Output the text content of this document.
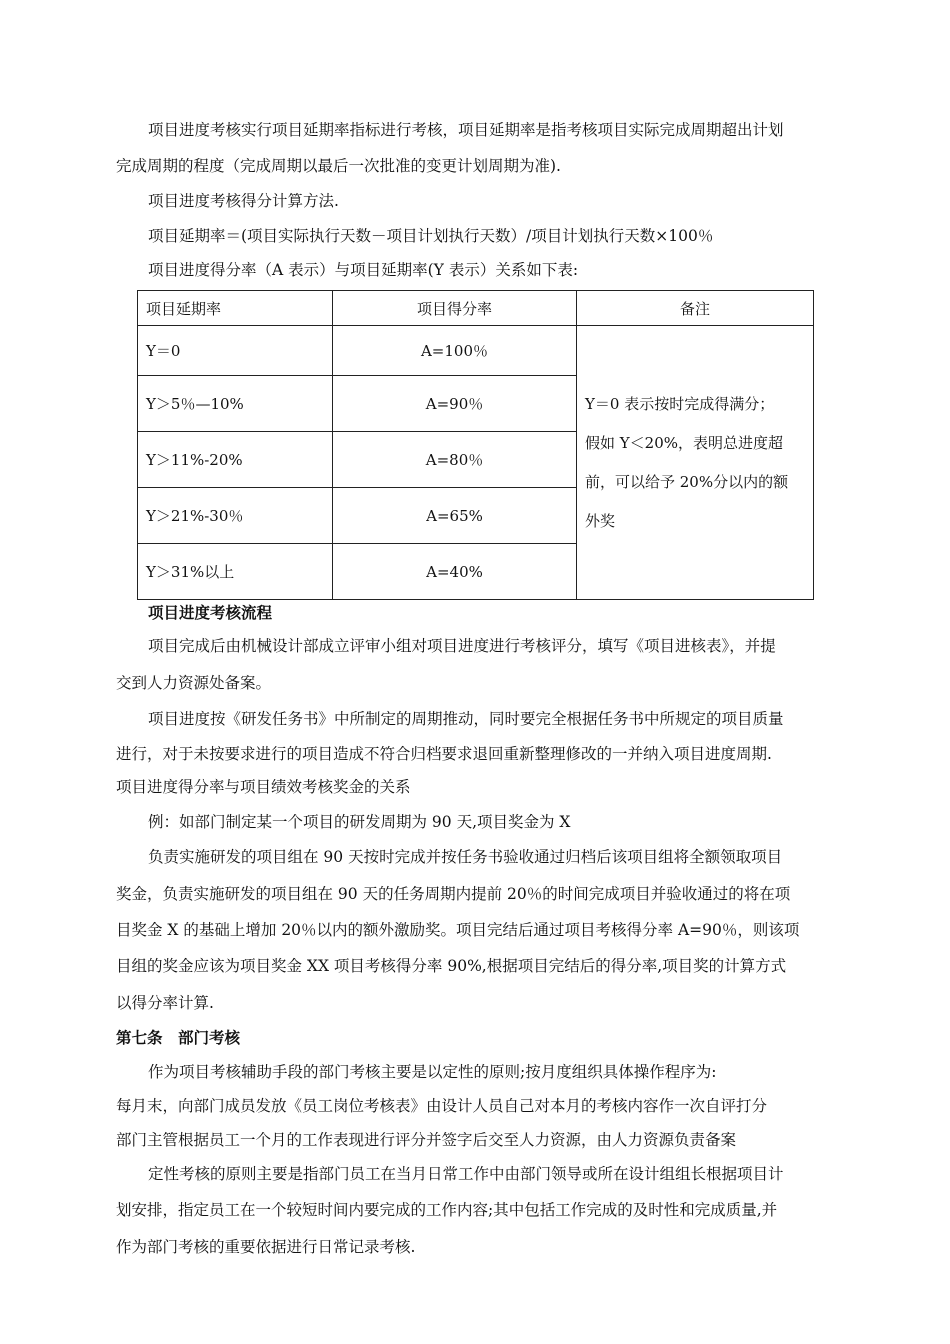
项目进度考核实行项目延期率指标进行考核，项目延期率是指考核项目实际完成周期超出计划
完成周期的程度（完成周期以最后一次批准的变更计划周期为准).
项目进度考核得分计算方法.
项目延期率＝(项目实际执行天数－项目计划执行天数）/项目计划执行天数×100％
项目进度得分率（A 表示）与项目延期率(Y 表示）关系如下表:
项目延期率	项目得分率	备注
Y＝0	A=100％	Y＝0 表示按时完成得满分；
假如 Y＜20%，表明总进度超
前，可以给予 20%分以内的额
外奖

Y＞5％—10%	A=90％	
Y＞11%-20%	A=80％	
Y＞21%-30％	A=65%	
Y＞31%以上	A=40%	
项目进度考核流程
项目完成后由机械设计部成立评审小组对项目进度进行考核评分，填写《项目进核表》，并提
交到人力资源处备案。
项目进度按《研发任务书》中所制定的周期推动，同时要完全根据任务书中所规定的项目质量
进行，对于未按要求进行的项目造成不符合归档要求退回重新整理修改的一并纳入项目进度周期.
项目进度得分率与项目绩效考核奖金的关系
例：如部门制定某一个项目的研发周期为 90 天,项目奖金为 X
负责实施研发的项目组在 90 天按时完成并按任务书验收通过归档后该项目组将全额领取项目
奖金，负责实施研发的项目组在 90 天的任务周期内提前 20％的时间完成项目并验收通过的将在项
目奖金 X 的基础上增加 20％以内的额外激励奖。项目完结后通过项目考核得分率 A=90％，则该项
目组的奖金应该为项目奖金 XX 项目考核得分率 90%,根据项目完结后的得分率,项目奖的计算方式
以得分率计算.
第七条　部门考核
作为项目考核辅助手段的部门考核主要是以定性的原则;按月度组织具体操作程序为:
每月末，向部门成员发放《员工岗位考核表》由设计人员自己对本月的考核内容作一次自评打分
部门主管根据员工一个月的工作表现进行评分并签字后交至人力资源，由人力资源负责备案
定性考核的原则主要是指部门员工在当月日常工作中由部门领导或所在设计组组长根据项目计
划安排，指定员工在一个较短时间内要完成的工作内容;其中包括工作完成的及时性和完成质量,并
作为部门考核的重要依据进行日常记录考核.
